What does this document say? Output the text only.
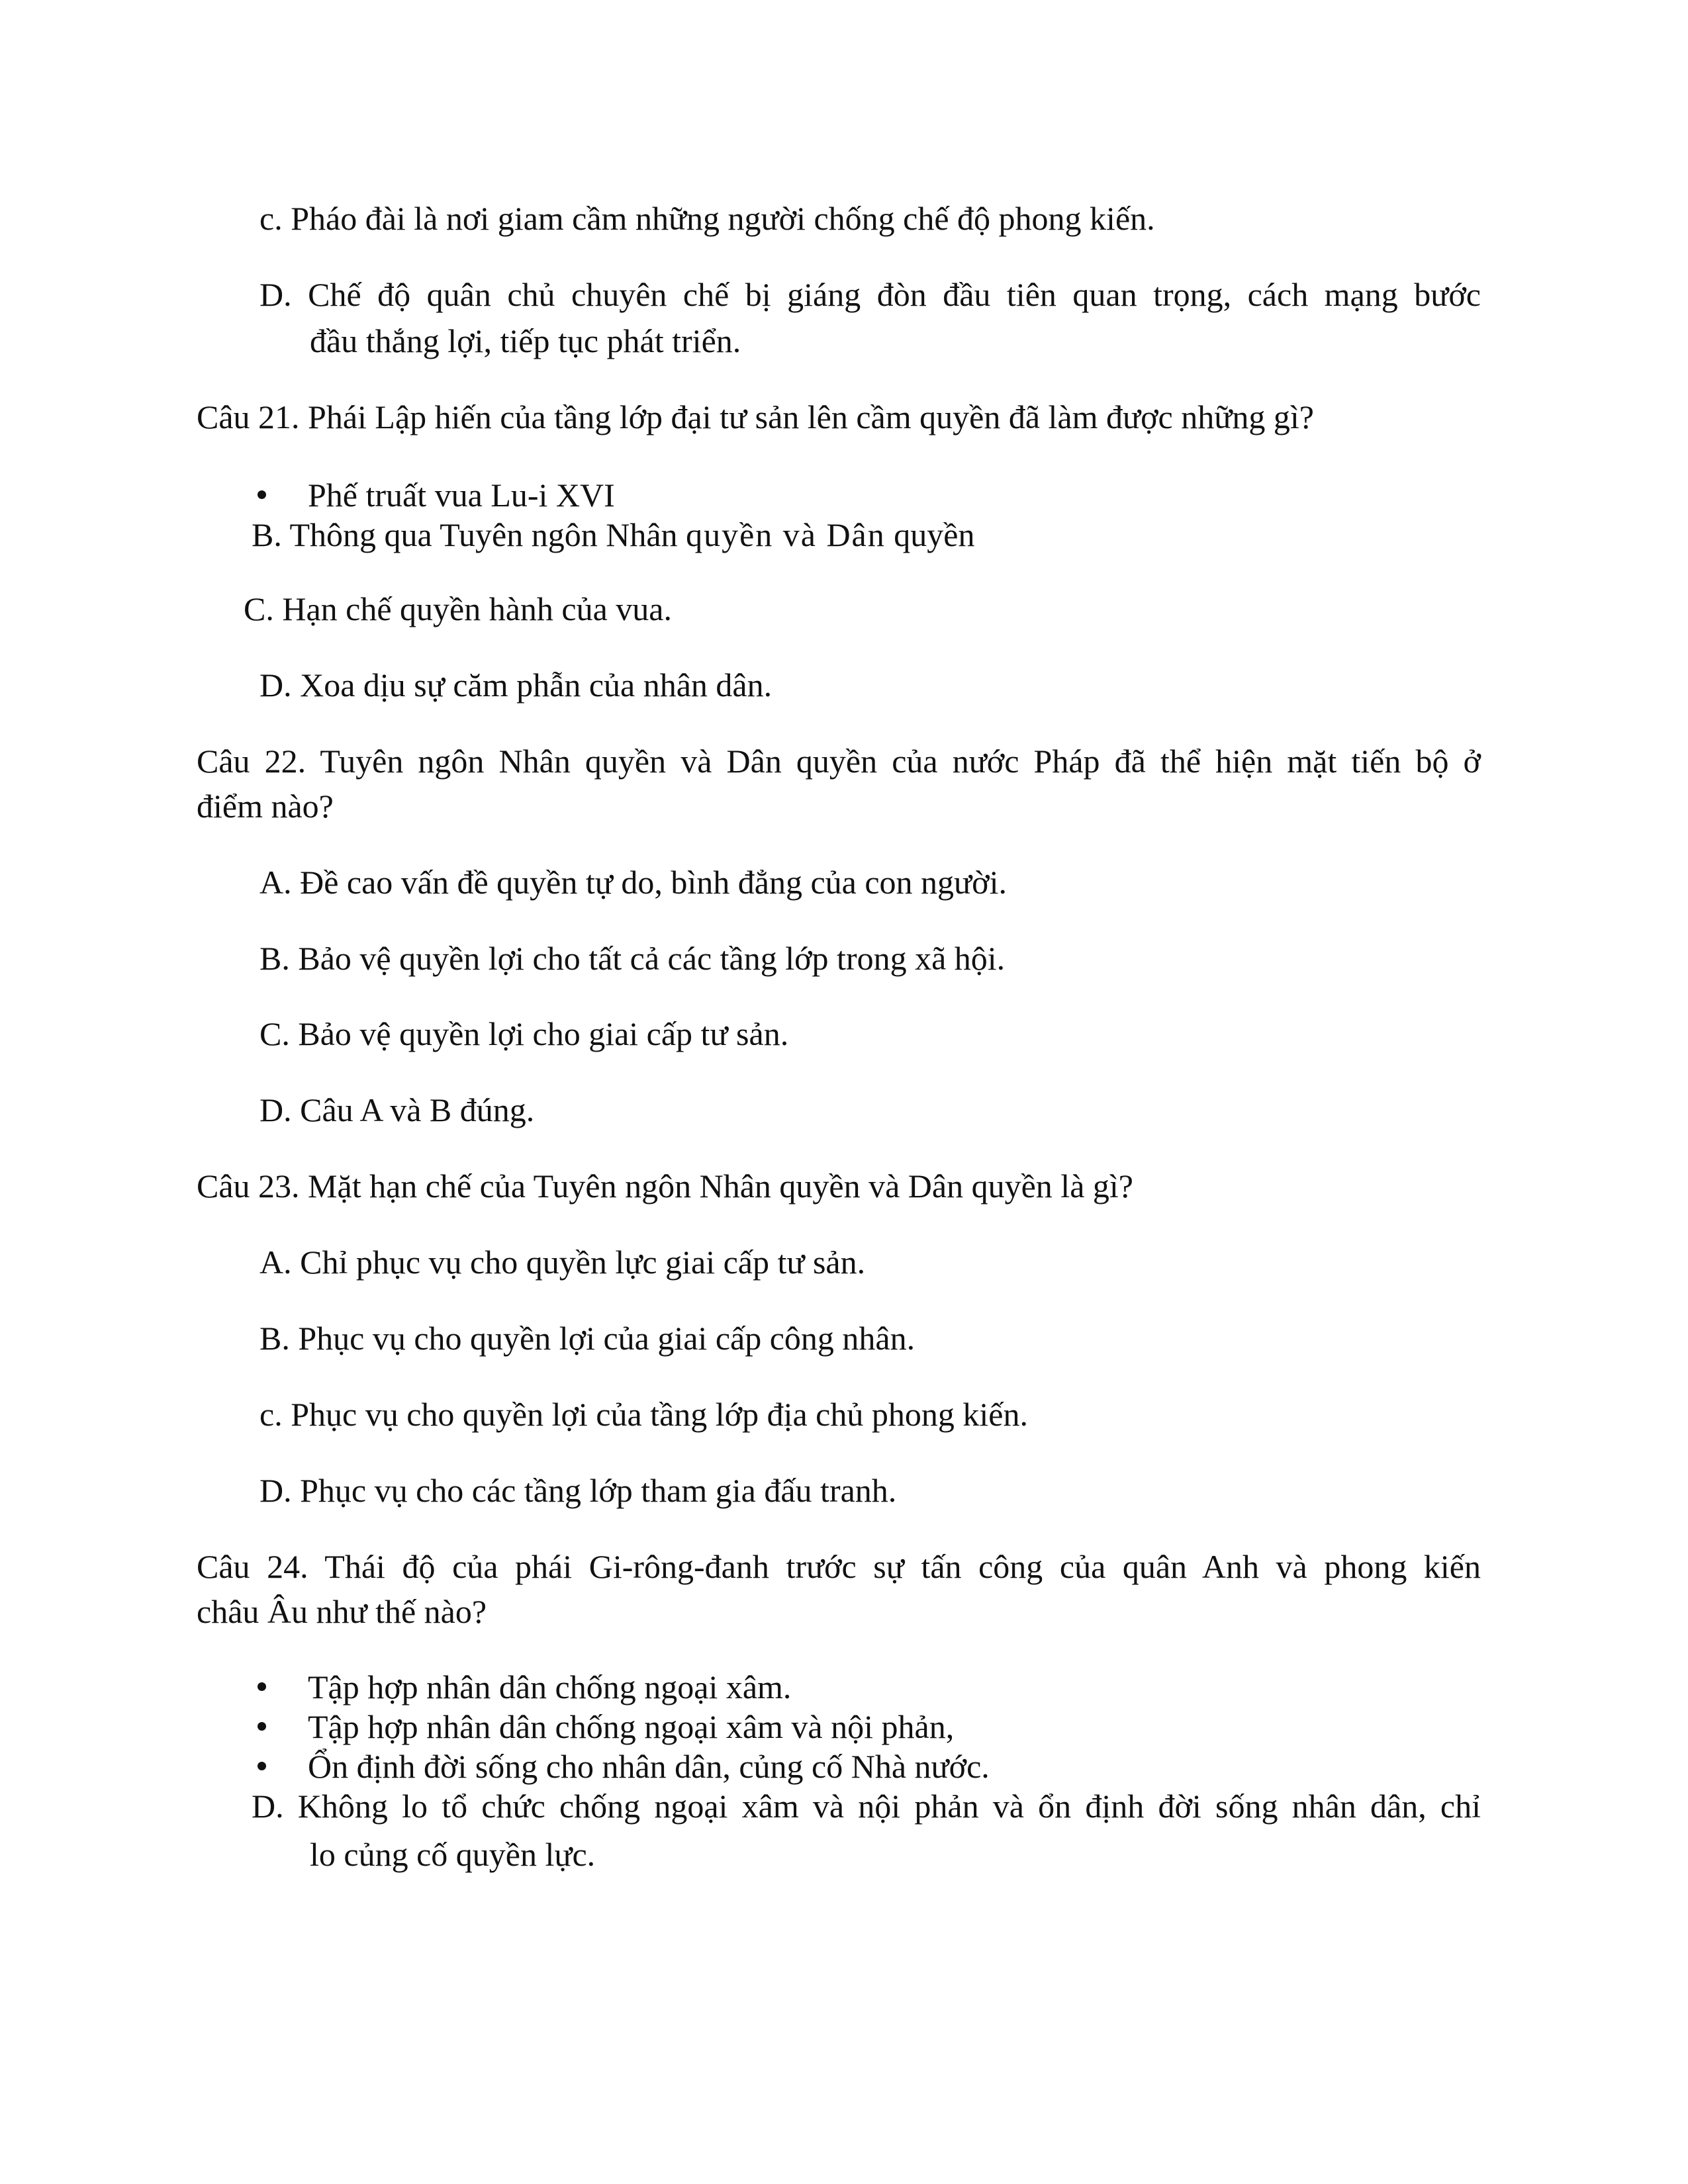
c. Pháo đài là nơi giam cầm những người chống chế độ phong kiến.
D. Chế độ quân chủ chuyên chế bị giáng đòn đầu tiên quan trọng, cách mạng bước
đầu thắng lợi, tiếp tục phát triển.
Câu 21. Phái Lập hiến của tầng lớp đại tư sản lên cầm quyền đã làm được những gì?
Phế truất vua Lu-i XVI
B. Thông qua Tuyên ngôn Nhân quyền và Dân quyền
C. Hạn chế quyền hành của vua.
D. Xoa dịu sự căm phẫn của nhân dân.
Câu 22. Tuyên ngôn Nhân quyền và Dân quyền của nước Pháp đã thể hiện mặt tiến bộ ở
điểm nào?
A. Đề cao vấn đề quyền tự do, bình đẳng của con người.
B. Bảo vệ quyền lợi cho tất cả các tầng lớp trong xã hội.
C. Bảo vệ quyền lợi cho giai cấp tư sản.
D. Câu A và B đúng.
Câu 23. Mặt hạn chế của Tuyên ngôn Nhân quyền và Dân quyền là gì?
A. Chỉ phục vụ cho quyền lực giai cấp tư sản.
B. Phục vụ cho quyền lợi của giai cấp công nhân.
c. Phục vụ cho quyền lợi của tầng lớp địa chủ phong kiến.
D. Phục vụ cho các tầng lớp tham gia đấu tranh.
Câu 24. Thái độ của phái Gi-rông-đanh trước sự tấn công của quân Anh và phong kiến
châu Âu như thế nào?
Tập hợp nhân dân chống ngoại xâm.
Tập hợp nhân dân chống ngoại xâm và nội phản,
Ổn định đời sống cho nhân dân, củng cố Nhà nước.
D. Không lo tổ chức chống ngoại xâm và nội phản và ổn định đời sống nhân dân, chỉ
lo củng cố quyền lực.
